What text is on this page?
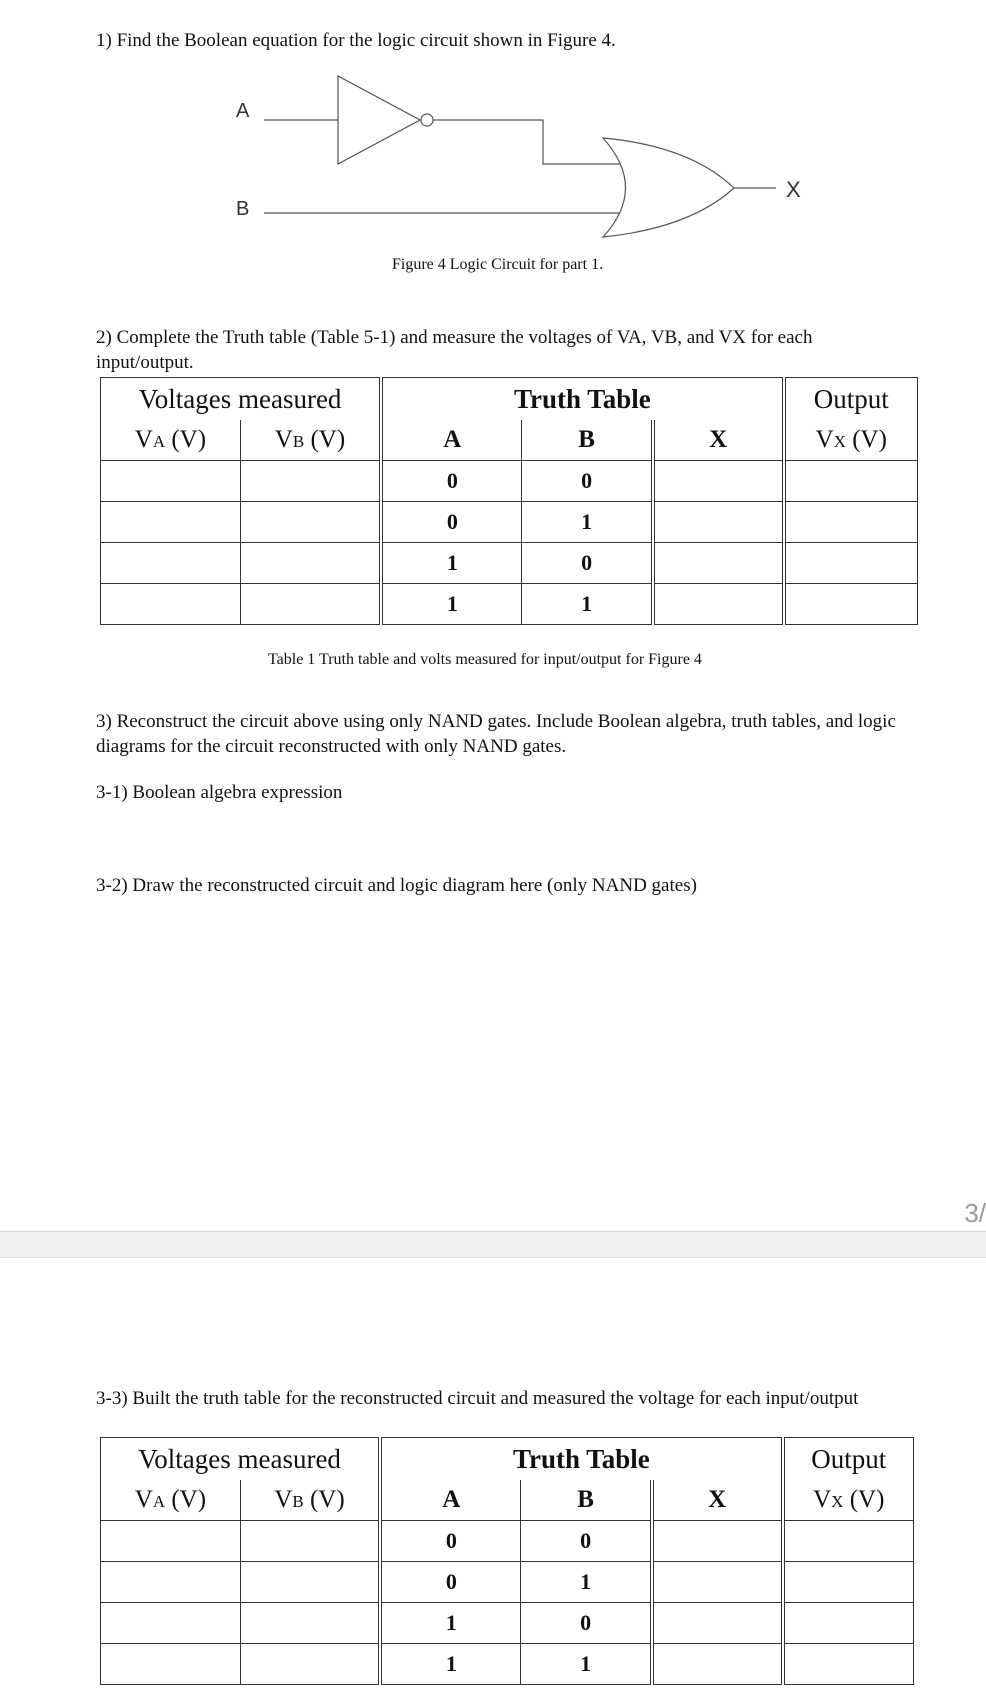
1) Find the Boolean equation for the logic circuit shown in Figure 4.
A
B
X
Figure 4 Logic Circuit for part 1.
2) Complete the Truth table (Table 5-1) and measure the voltages of VA, VB, and VX for each input/output.
Voltages measured		Truth Table			Output
VA (V)	VB (V)	A	B	X	VX (V)
		0	0		
		0	1		
		1	0		
		1	1		
Table 1 Truth table and volts measured for input/output for Figure 4
3) Reconstruct the circuit above using only NAND gates. Include Boolean algebra, truth tables, and logic diagrams for the circuit reconstructed with only NAND gates.
3-1) Boolean algebra expression
3-2) Draw the reconstructed circuit and logic diagram here (only NAND gates)
3/
3-3) Built the truth table for the reconstructed circuit and measured the voltage for each input/output
Voltages measured		Truth Table			Output
VA (V)	VB (V)	A	B	X	VX (V)
		0	0		
		0	1		
		1	0		
		1	1		
